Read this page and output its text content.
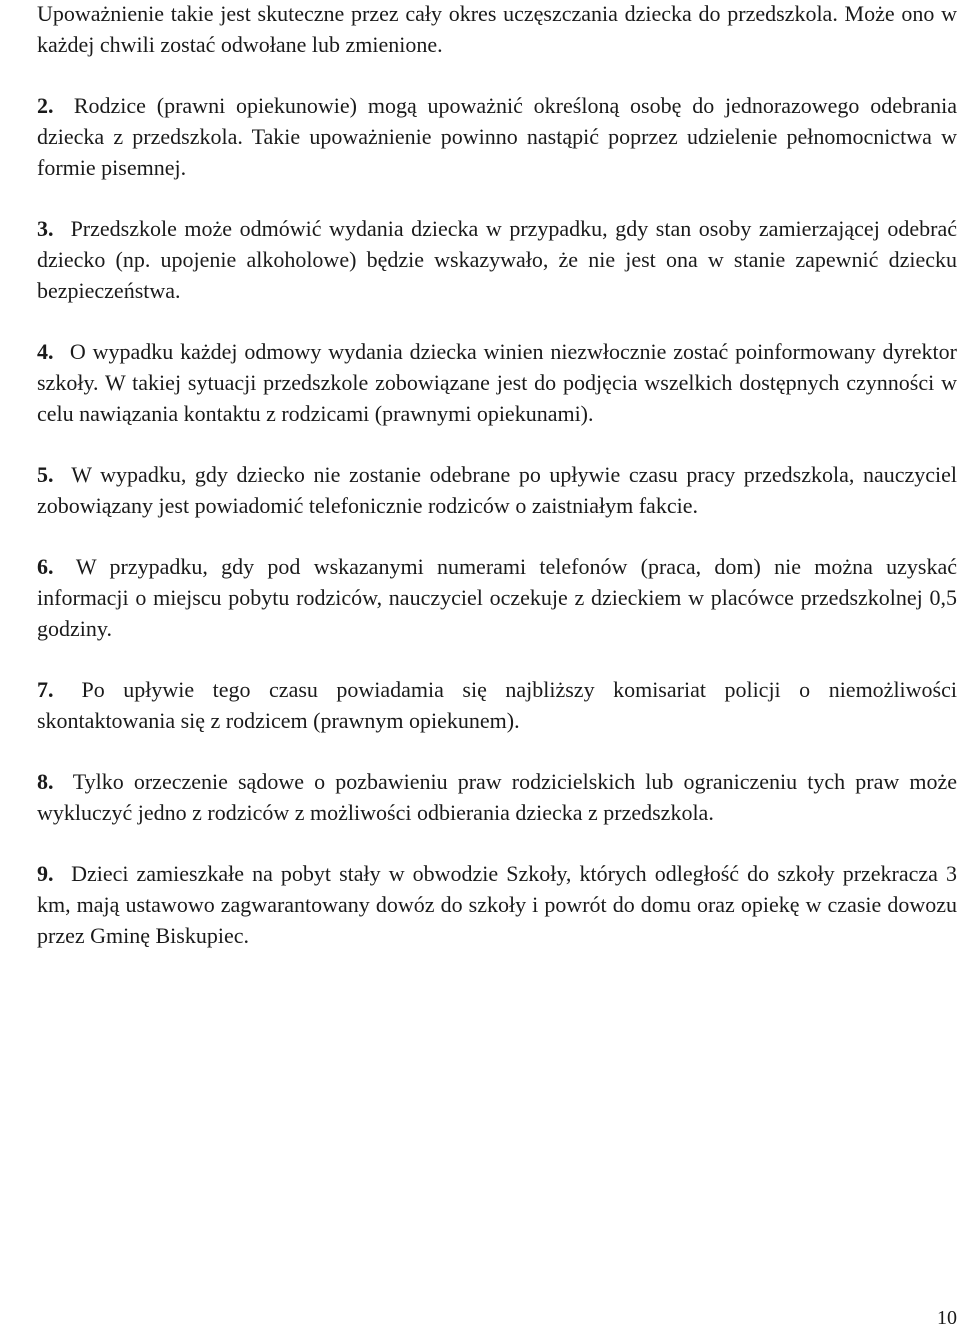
Upoważnienie takie jest skuteczne przez cały okres uczęszczania dziecka do przedszkola. Może ono w każdej chwili zostać odwołane lub zmienione.

2. Rodzice (prawni opiekunowie) mogą upoważnić określoną osobę do jednorazowego odebrania dziecka z przedszkola. Takie upoważnienie powinno nastąpić poprzez udzielenie pełnomocnictwa w formie pisemnej.

3. Przedszkole może odmówić wydania dziecka w przypadku, gdy stan osoby zamierzającej odebrać dziecko (np. upojenie alkoholowe) będzie wskazywało, że nie jest ona w stanie zapewnić dziecku bezpieczeństwa.

4. O wypadku każdej odmowy wydania dziecka winien niezwłocznie zostać poinformowany dyrektor szkoły. W takiej sytuacji przedszkole zobowiązane jest do podjęcia wszelkich dostępnych czynności w celu nawiązania kontaktu z rodzicami (prawnymi opiekunami).

5. W wypadku, gdy dziecko nie zostanie odebrane po upływie czasu pracy przedszkola, nauczyciel zobowiązany jest powiadomić telefonicznie rodziców o zaistniałym fakcie.

6. W przypadku, gdy pod wskazanymi numerami telefonów (praca, dom) nie można uzyskać informacji o miejscu pobytu rodziców, nauczyciel oczekuje z dzieckiem w placówce przedszkolnej 0,5 godziny.

7. Po upływie tego czasu powiadamia się najbliższy komisariat policji o niemożliwości skontaktowania się z rodzicem (prawnym opiekunem).

8. Tylko orzeczenie sądowe o pozbawieniu praw rodzicielskich lub ograniczeniu tych praw może wykluczyć jedno z rodziców z możliwości odbierania dziecka z przedszkola.

9. Dzieci zamieszkałe na pobyt stały w obwodzie Szkoły, których odległość do szkoły przekracza 3 km, mają ustawowo zagwarantowany dowóz do szkoły i powrót do domu oraz opiekę w czasie dowozu przez Gminę Biskupiec.

10
